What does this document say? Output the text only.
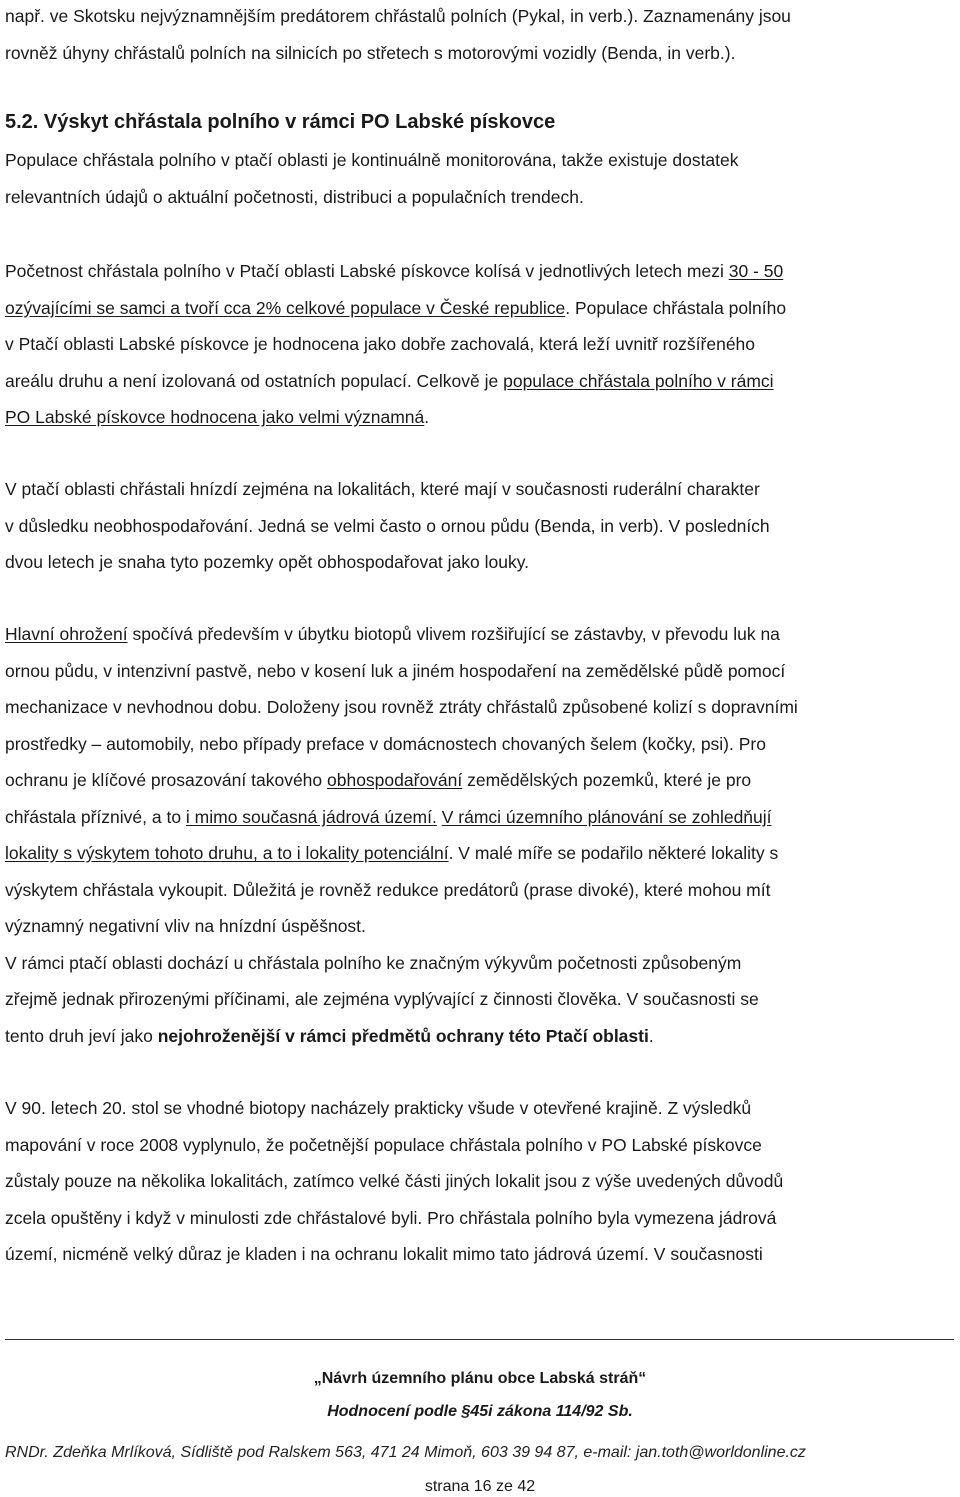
např. ve Skotsku nejvýznamnějším predátorem chřástalů polních (Pykal, in verb.). Zaznamenány jsou
rovněž úhyny chřástalů polních na silnicích po střetech s motorovými vozidly (Benda, in verb.).
5.2. Výskyt chřástala polního v rámci PO Labské pískovce
Populace chřástala polního v ptačí oblasti je kontinuálně monitorována, takže existuje dostatek
relevantních údajů o aktuální početnosti, distribuci a populačních trendech.
Početnost chřástala polního v Ptačí oblasti Labské pískovce kolísá v jednotlivých letech mezi 30 - 50
ozývajícími se samci a tvoří cca 2% celkové populace v České republice. Populace chřástala polního
v Ptačí oblasti Labské pískovce je hodnocena jako dobře zachovalá, která leží uvnitř rozšířeného
areálu druhu a není izolovaná od ostatních populací. Celkově je populace chřástala polního v rámci
PO Labské pískovce hodnocena jako velmi významná.
V ptačí oblasti chřástali hnízdí zejména na lokalitách, které mají v současnosti ruderální charakter
v důsledku neobhospodařování. Jedná se velmi často o ornou půdu (Benda, in verb). V posledních
dvou letech je snaha tyto pozemky opět obhospodařovat jako louky.
Hlavní ohrožení spočívá především v úbytku biotopů vlivem rozšiřující se zástavby, v převodu luk na
ornou půdu, v intenzivní pastvě, nebo v kosení luk a jiném hospodaření na zemědělské půdě pomocí
mechanizace v nevhodnou dobu. Doloženy jsou rovněž ztráty chřástalů způsobené kolizí s dopravními
prostředky – automobily, nebo případy preface v domácnostech chovaných šelem (kočky, psi). Pro
ochranu je klíčové prosazování takového obhospodařování zemědělských pozemků, které je pro
chřástala příznivé, a to i mimo současná jádrová území. V rámci územního plánování se zohledňují
lokality s výskytem tohoto druhu, a to i lokality potenciální. V malé míře se podařilo některé lokality s
výskytem chřástala vykoupit. Důležitá je rovněž redukce predátorů (prase divoké), které mohou mít
významný negativní vliv na hnízdní úspěšnost.
V rámci ptačí oblasti dochází u chřástala polního ke značným výkyvům početnosti způsobeným
zřejmě jednak přirozenými příčinami, ale zejména vyplývající z činnosti člověka. V současnosti se
tento druh jeví jako nejohroženější v rámci předmětů ochrany této Ptačí oblasti.
V 90. letech 20. stol se vhodné biotopy nacházely prakticky všude v otevřené krajině. Z výsledků
mapování v roce 2008 vyplynulo, že početnější populace chřástala polního v PO Labské pískovce
zůstaly pouze na několika lokalitách, zatímco velké části jiných lokalit jsou z výše uvedených důvodů
zcela opuštěny i když v minulosti zde chřástalové byli. Pro chřástala polního byla vymezena jádrová
území, nicméně velký důraz je kladen i na ochranu lokalit mimo tato jádrová území. V současnosti
„Návrh územního plánu obce Labská stráň“
Hodnocení podle §45i zákona 114/92 Sb.
RNDr. Zdeňka Mrlíková, Sídliště pod Ralskem 563, 471 24 Mimoň, 603 39 94 87, e-mail: jan.toth@worldonline.cz
strana 16 ze 42
